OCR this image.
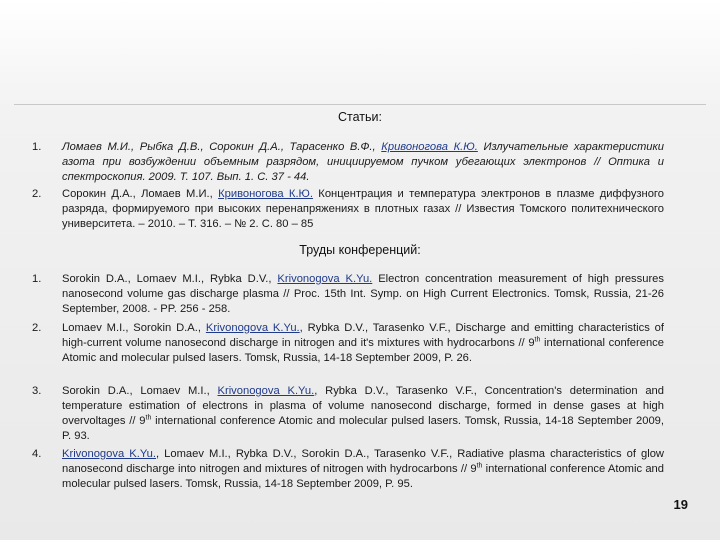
Статьи:
1.	Ломаев М.И., Рыбка Д.В., Сорокин Д.А., Тарасенко В.Ф., Кривоногова К.Ю. Излучательные характеристики азота при возбуждении объемным разрядом, инициируемом пучком убегающих электронов // Оптика и спектроскопия. 2009. Т. 107. Вып. 1. С. 37 - 44.
2.	Сорокин Д.А., Ломаев М.И., Кривоногова К.Ю. Концентрация и температура электронов в плазме диффузного разряда, формируемого при высоких перенапряжениях в плотных газах // Известия Томского политехнического университета. – 2010. – Т. 316. – № 2. С. 80 – 85
Труды конференций:
1.	Sorokin D.A., Lomaev M.I., Rybka D.V., Krivonogova K.Yu. Electron concentration measurement of high pressures nanosecond volume gas discharge plasma // Proc. 15th Int. Symp. on High Current Electronics. Tomsk, Russia, 21-26 September, 2008. - PP. 256 - 258.
2.	Lomaev M.I., Sorokin D.A., Krivonogova K.Yu., Rybka D.V., Tarasenko V.F., Discharge and emitting characteristics of high-current volume nanosecond discharge in nitrogen and it's mixtures with hydrocarbons // 9th international conference Atomic and molecular pulsed lasers. Tomsk, Russia, 14-18 September 2009, P. 26.
3.	Sorokin D.A., Lomaev M.I., Krivonogova K.Yu., Rybka D.V., Tarasenko V.F., Concentration's determination and temperature estimation of electrons in plasma of volume nanosecond discharge, formed in dense gases at high overvoltages // 9th international conference Atomic and molecular pulsed lasers. Tomsk, Russia, 14-18 September 2009, P. 93.
4.	Krivonogova K.Yu., Lomaev M.I., Rybka D.V., Sorokin D.A., Tarasenko V.F., Radiative plasma characteristics of glow nanosecond discharge into nitrogen and mixtures of nitrogen with hydrocarbons // 9th international conference Atomic and molecular pulsed lasers. Tomsk, Russia, 14-18 September 2009, P. 95.
19
